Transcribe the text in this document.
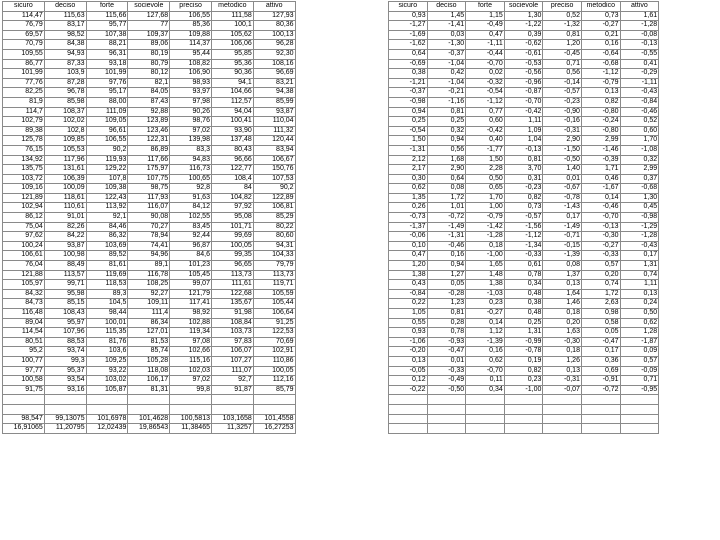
sicuro	deciso	forte	socievole	preciso	metodico	attivo
114,47	115,63	115,66	127,68	106,55	111,58	127,93
76,79	83,17	95,77	77	85,36	100,1	80,36
69,57	98,52	107,38	109,37	109,88	105,62	100,13
70,79	84,38	88,21	89,06	114,37	106,06	96,28
109,55	94,93	96,31	80,19	95,44	95,85	92,30
86,77	87,33	93,18	80,79	108,82	95,36	108,16
101,99	103,9	101,99	80,12	106,90	90,36	96,69
77,76	87,28	97,76	82,1	98,93	94,1	83,21
82,25	96,78	95,17	84,05	93,97	104,66	94,38
81,9	85,98	88,00	87,43	97,98	112,57	85,99
114,7	108,37	111,09	92,88	90,26	94,04	93,87
102,79	102,02	109,05	123,89	98,76	100,41	110,04
89,38	102,8	96,61	123,46	97,02	93,90	111,32
125,78	109,85	106,55	122,31	139,98	137,48	120,44
76,15	105,53	90,2	86,89	83,3	80,43	83,94
134,92	117,96	119,93	117,66	94,83	96,66	106,67
135,75	131,61	129,22	175,97	116,73	122,77	150,76
103,72	106,39	107,8	107,75	100,65	108,4	107,53
109,16	100,09	109,38	98,75	92,8	84	90,2
121,89	118,61	122,43	117,93	91,63	104,82	122,89
102,94	110,61	113,92	116,07	84,12	97,92	106,81
86,12	91,01	92,1	90,08	102,55	95,08	85,29
75,04	82,26	84,46	70,27	83,45	101,71	80,22
97,62	84,22	86,32	78,94	92,44	99,69	80,60
100,24	93,87	103,69	74,41	96,87	100,05	94,31
106,61	100,98	89,52	94,96	84,6	99,35	104,33
76,04	88,49	81,61	89,1	101,23	96,65	79,79
121,88	113,57	119,69	116,78	105,45	113,73	113,73
105,97	99,71	118,53	108,25	99,07	111,61	119,71
84,32	95,98	89,3	92,27	121,79	122,68	105,59
84,73	85,15	104,5	109,11	117,41	135,67	105,44
116,48	108,43	98,44	111,4	98,92	91,98	106,64
89,04	95,97	100,01	86,34	102,88	108,84	91,25
114,54	107,96	115,35	127,01	119,34	103,73	122,53
80,51	88,53	81,76	81,53	97,08	97,83	70,69
95,2	93,74	103,6	85,74	102,66	106,07	102,91
100,77	99,3	109,25	105,28	115,16	107,27	110,86
97,77	95,37	93,22	118,08	102,03	111,07	100,05
100,58	93,54	103,02	106,17	97,02	92,7	112,16
91,75	93,16	105,87	81,31	99,8	91,87	85,79

98,547	99,13075	101,6978	101,4628	100,5813	103,1658	101,4558
16,91065	11,20795	12,02439	19,86543	11,38465	11,3257	16,27253
sicuro	deciso	forte	socievole	preciso	metodico	attivo
0,93	1,45	1,15	1,30	0,52	0,73	1,61
-1,27	-1,41	-0,49	-1,22	-1,32	-0,27	-1,28
-1,69	0,03	0,47	0,39	0,81	0,21	-0,08
-1,62	-1,30	-1,11	-0,62	1,20	0,16	-0,13
0,64	-0,37	-0,44	-0,61	-0,45	-0,64	-0,55
-0,69	-1,04	-0,70	-0,53	0,71	-0,68	0,41
0,38	0,42	0,02	-0,56	0,56	-1,12	-0,29
-1,21	-1,04	-0,32	-0,96	-0,14	-0,79	-1,11
-0,37	-0,21	-0,54	-0,87	-0,57	0,13	-0,43
-0,98	-1,16	-1,12	-0,70	-0,23	0,82	-0,84
0,94	0,81	0,77	-0,42	-0,90	-0,80	-0,46
0,25	0,25	0,60	1,11	-0,16	-0,24	0,52
-0,54	0,32	-0,42	1,09	-0,31	-0,80	0,60
1,50	0,94	0,40	1,04	2,90	2,99	1,70
-1,31	0,56	-1,77	-0,13	-1,50	-1,46	-1,08
2,12	1,68	1,50	0,81	-0,50	-0,39	0,32
2,17	2,90	2,28	3,70	1,40	1,71	2,99
0,30	0,64	0,50	0,31	0,01	0,46	0,37
0,62	0,08	0,65	-0,23	-0,67	-1,67	-0,68
1,35	1,72	1,70	0,82	-0,78	0,14	1,30
0,26	1,01	1,00	0,73	-1,43	-0,46	0,45
-0,73	-0,72	-0,79	-0,57	0,17	-0,70	-0,98
-1,37	-1,49	-1,42	-1,56	-1,49	-0,13	-1,29
-0,06	-1,31	-1,28	-1,12	-0,71	-0,30	-1,28
0,10	-0,46	0,18	-1,34	-0,15	-0,27	-0,43
0,47	0,16	-1,00	-0,33	-1,39	-0,33	0,17
1,20	0,94	1,65	0,61	0,08	0,57	1,31
1,38	1,27	1,48	0,78	1,37	0,20	0,74
0,43	0,05	1,38	0,34	0,13	0,74	1,11
-0,84	-0,28	-1,03	0,48	1,64	1,72	0,13
0,22	1,23	0,23	0,38	1,46	2,63	0,24
1,05	0,81	-0,27	0,48	0,18	0,98	0,50
0,55	0,28	0,14	0,25	0,20	0,58	0,62
0,93	0,78	1,12	1,31	1,63	0,05	1,28
-1,06	-0,93	-1,39	-0,99	-0,30	-0,47	-1,87
-0,20	-0,47	0,16	-0,78	0,18	0,17	0,09
0,13	0,01	0,62	0,19	1,26	0,36	0,57
-0,05	-0,33	-0,70	0,82	0,13	0,69	-0,09
0,12	-0,49	0,11	0,23	-0,31	-0,91	0,71
-0,22	-0,50	0,34	-1,00	-0,07	-0,72	-0,95
